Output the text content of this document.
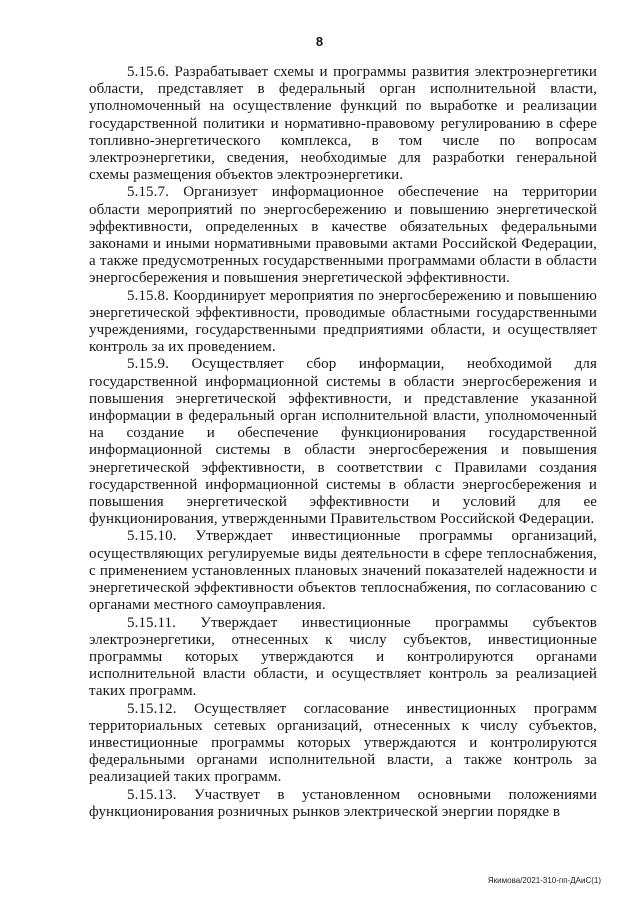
8

5.15.6. Разрабатывает схемы и программы развития электроэнергетики области, представляет в федеральный орган исполнительной власти, уполномоченный на осуществление функций по выработке и реализации государственной политики и нормативно-правовому регулированию в сфере топливно-энергетического комплекса, в том числе по вопросам электроэнергетики, сведения, необходимые для разработки генеральной схемы размещения объектов электроэнергетики.

5.15.7. Организует информационное обеспечение на территории области мероприятий по энергосбережению и повышению энергетической эффективности, определенных в качестве обязательных федеральными законами и иными нормативными правовыми актами Российской Федерации, а также предусмотренных государственными программами области в области энергосбережения и повышения энергетической эффективности.

5.15.8. Координирует мероприятия по энергосбережению и повышению энергетической эффективности, проводимые областными государственными учреждениями, государственными предприятиями области, и осуществляет контроль за их проведением.

5.15.9. Осуществляет сбор информации, необходимой для государственной информационной системы в области энергосбережения и повышения энергетической эффективности, и представление указанной информации в федеральный орган исполнительной власти, уполномоченный на создание и обеспечение функционирования государственной информационной системы в области энергосбережения и повышения энергетической эффективности, в соответствии с Правилами создания государственной информационной системы в области энергосбережения и повышения энергетической эффективности и условий для ее функционирования, утвержденными Правительством Российской Федерации.

5.15.10. Утверждает инвестиционные программы организаций, осуществляющих регулируемые виды деятельности в сфере теплоснабжения, с применением установленных плановых значений показателей надежности и энергетической эффективности объектов теплоснабжения, по согласованию с органами местного самоуправления.

5.15.11. Утверждает инвестиционные программы субъектов электроэнергетики, отнесенных к числу субъектов, инвестиционные программы которых утверждаются и контролируются органами исполнительной власти области, и осуществляет контроль за реализацией таких программ.

5.15.12. Осуществляет согласование инвестиционных программ территориальных сетевых организаций, отнесенных к числу субъектов, инвестиционные программы которых утверждаются и контролируются федеральными органами исполнительной власти, а также контроль за реализацией таких программ.

5.15.13. Участвует в установленном основными положениями функционирования розничных рынков электрической энергии порядке в

Якимова/2021-310-пп-ДАиС(1)
